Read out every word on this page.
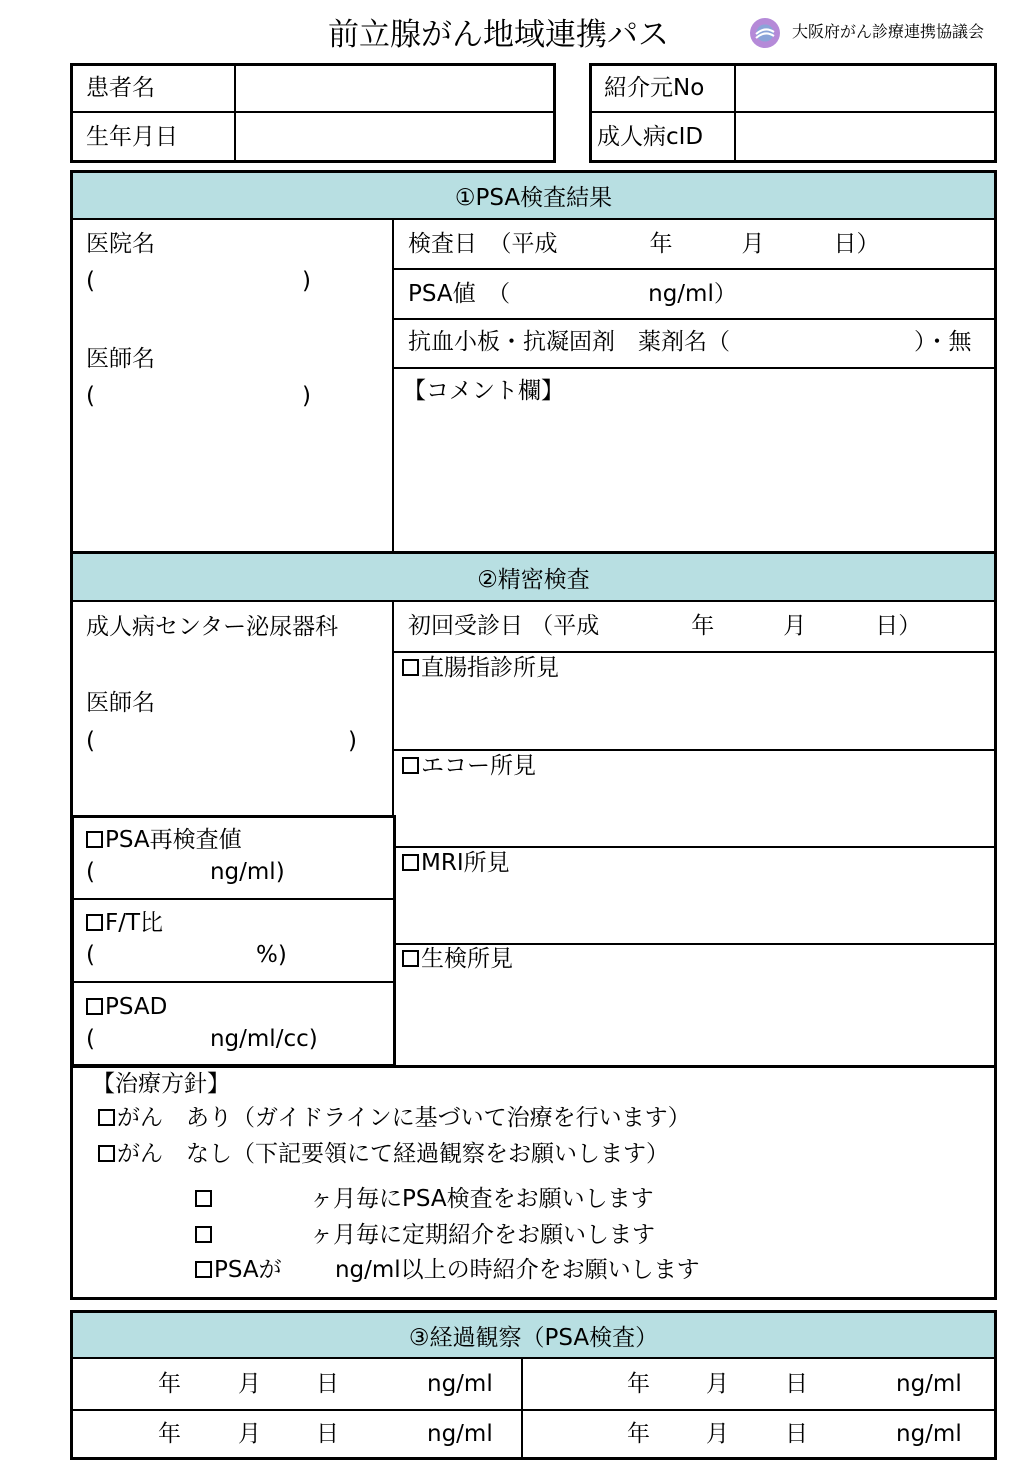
前立腺がん地域連携パス	大阪府がん診療連携協議会
患者名
生年月日
紹介元No
成人病cID
①PSA検査結果
医院名
(　　　　　　　　　)
医師名
(　　　　　　　　　)
検査日　（平成　　　　年　　　月　　　日）
PSA値　（　　　　　　ng/ml）
抗血小板・抗凝固剤　薬剤名（　　　　　　　　）・無
【コメント欄】
②精密検査
成人病センター泌尿器科
医師名
(　　　　　　　　　　　)
初回受診日 （平成　　　　年　　　月　　　日）
直腸指診所見
エコー所見
MRI所見
生検所見
PSA再検査値
(　　　　　ng/ml)
F/T比
(　　　　　　　%)
PSAD
(　　　　　ng/ml/cc)
【治療方針】
がん　あり（ガイドラインに基づいて治療を行います）
がん　なし（下記要領にて経過観察をお願いします）
　　ヶ月毎にPSA検査をお願いします
　　ヶ月毎に定期紹介をお願いします
PSAが　　 ng/ml以上の時紹介をお願いします
③経過観察（PSA検査）
年 月 日	ng/ml	年 月 日	ng/ml
年 月 日	ng/ml	年 月 日	ng/ml
